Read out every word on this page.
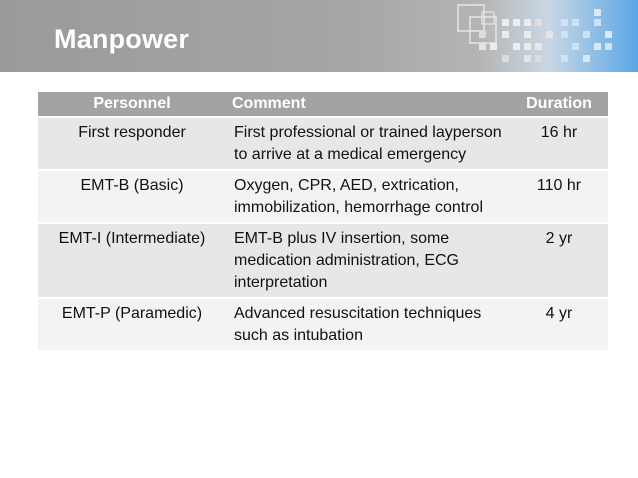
Manpower
Personnel	Comment	Duration
First responder	First professional or trained layperson to arrive at a medical emergency	16 hr
EMT-B (Basic)	Oxygen, CPR, AED, extrication, immobilization, hemorrhage control	110 hr
EMT-I (Intermediate)	EMT-B plus IV insertion, some medication administration, ECG interpretation	2 yr
EMT-P (Paramedic)	Advanced resuscitation techniques such as intubation	4 yr
